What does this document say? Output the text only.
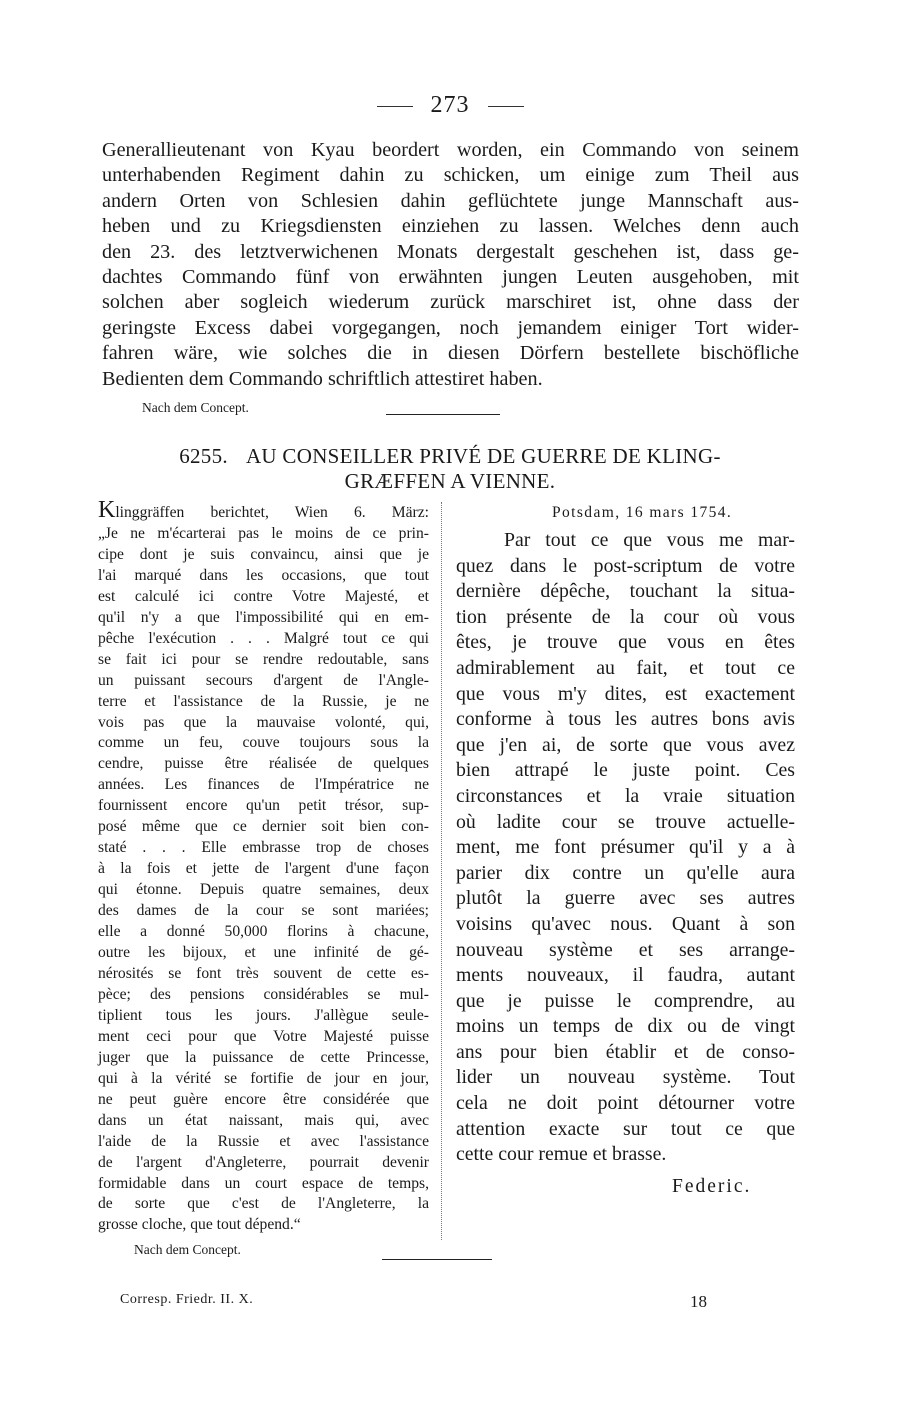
273
Generallieutenant von Kyau beordert worden, ein Commando von seinem
unterhabenden Regiment dahin zu schicken, um einige zum Theil aus
andern Orten von Schlesien dahin geflüchtete junge Mannschaft aus-
heben und zu Kriegsdiensten einziehen zu lassen. Welches denn auch
den 23. des letztverwichenen Monats dergestalt geschehen ist, dass ge-
dachtes Commando fünf von erwähnten jungen Leuten ausgehoben, mit
solchen aber sogleich wiederum zurück marschiret ist, ohne dass der
geringste Excess dabei vorgegangen, noch jemandem einiger Tort wider-
fahren wäre, wie solches die in diesen Dörfern bestellete bischöfliche
Bedienten dem Commando schriftlich attestiret haben.
Nach dem Concept.
6255. AU CONSEILLER PRIVÉ DE GUERRE DE KLING-
GRÆFFEN A VIENNE.
Klinggräffen berichtet, Wien 6. März:
„Je ne m'écarterai pas le moins de ce prin-
cipe dont je suis convaincu, ainsi que je
l'ai marqué dans les occasions, que tout
est calculé ici contre Votre Majesté, et
qu'il n'y a que l'impossibilité qui en em-
pêche l'exécution . . . Malgré tout ce qui
se fait ici pour se rendre redoutable, sans
un puissant secours d'argent de l'Angle-
terre et l'assistance de la Russie, je ne
vois pas que la mauvaise volonté, qui,
comme un feu, couve toujours sous la
cendre, puisse être réalisée de quelques
années. Les finances de l'Impératrice ne
fournissent encore qu'un petit trésor, sup-
posé même que ce dernier soit bien con-
staté . . . Elle embrasse trop de choses
à la fois et jette de l'argent d'une façon
qui étonne. Depuis quatre semaines, deux
des dames de la cour se sont mariées;
elle a donné 50,000 florins à chacune,
outre les bijoux, et une infinité de gé-
nérosités se font très souvent de cette es-
pèce; des pensions considérables se mul-
tiplient tous les jours. J'allègue seule-
ment ceci pour que Votre Majesté puisse
juger que la puissance de cette Princesse,
qui à la vérité se fortifie de jour en jour,
ne peut guère encore être considérée que
dans un état naissant, mais qui, avec
l'aide de la Russie et avec l'assistance
de l'argent d'Angleterre, pourrait devenir
formidable dans un court espace de temps,
de sorte que c'est de l'Angleterre, la
grosse cloche, que tout dépend.“
Potsdam, 16 mars 1754.
Par tout ce que vous me mar-
quez dans le post-scriptum de votre
dernière dépêche, touchant la situa-
tion présente de la cour où vous
êtes, je trouve que vous en êtes
admirablement au fait, et tout ce
que vous m'y dites, est exactement
conforme à tous les autres bons avis
que j'en ai, de sorte que vous avez
bien attrapé le juste point. Ces
circonstances et la vraie situation
où ladite cour se trouve actuelle-
ment, me font présumer qu'il y a à
parier dix contre un qu'elle aura
plutôt la guerre avec ses autres
voisins qu'avec nous. Quant à son
nouveau système et ses arrange-
ments nouveaux, il faudra, autant
que je puisse le comprendre, au
moins un temps de dix ou de vingt
ans pour bien établir et de conso-
lider un nouveau système. Tout
cela ne doit point détourner votre
attention exacte sur tout ce que
cette cour remue et brasse.
Federic.
Nach dem Concept.
Corresp. Friedr. II. X.	18
